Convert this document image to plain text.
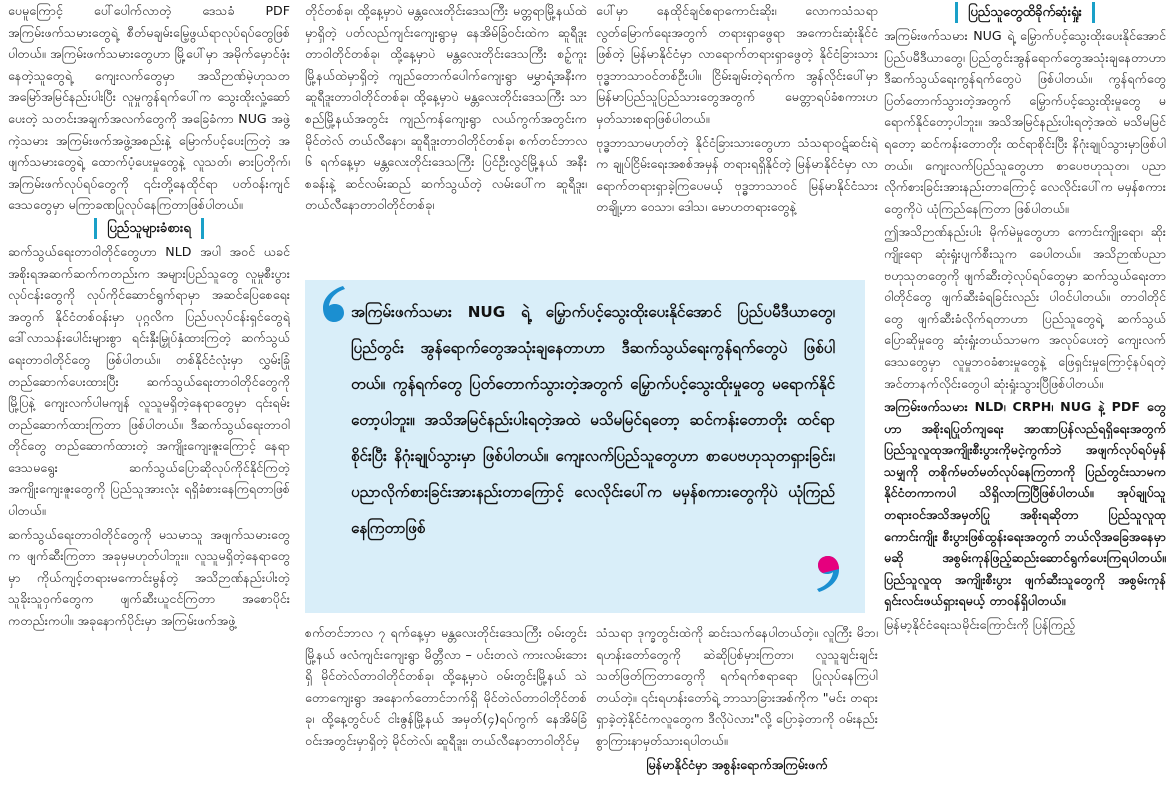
ပေမူကြောင့် ပေါ်ပေါက်လာတဲ့ ဒေသခံ PDF အကြမ်းဖက်သမားတွေရဲ့ စီတ်မချမ်းမြေ့ဖွယ်ရာလုပ်ရပ်တွေဖြစ်ပါတယ်။ အကြမ်းဖက်သမားတွေဟာ မြို့ပေါ်မှာ အမိုက်မှောင်ဖုံးနေတဲ့သူတွေရဲ့ ကျေးလက်တွေမှာ အသိဉာဏ်မဲ့ဟုသတ အမြော်အမြင်နည်းပါးပြီး လူမှုကွန်ရက်ပေါ်က သွေးထိုးလှုံ့ဆော်ပေးတဲ့ သတင်းအချက်အလက်တွေကို အခြေခံကာ NUG အဖွဲ့ကဲ့သမား အကြမ်းဖက်အဖွဲ့အစည်းနဲ့ မြောက်ပင့်ပေးကြတဲ့ အဖျက်သမားတွေရဲ့ ထောက်ပံ့ပေးမှုတွေနဲ့ လူသတ်၊ ဓားပြတိုက်၊ အကြမ်းဖက်လုပ်ရပ်တွေကို ၎င်းတို့နေထိုင်ရာ ပတ်ဝန်းကျင်ဒေသတွေမှာ မကြာခဏပြုလုပ်နေကြတာဖြစ်ပါတယ်။

ပြည်သူများခံစားရ

ဆက်သွယ်ရေးတာဝါတိုင်တွေဟာ NLD အပါ အဝင် ယခင်အစိုးရအဆက်ဆက်ကတည်းက အများပြည်သူတွေ လူမှုစီးပွားလုပ်ငန်းတွေကို လုပ်ကိုင်ဆောင်ရွက်ရာမှာ အဆင်ပြေစေရေးအတွက် နိုင်ငံတစ်ဝန်းမှာ ပုဂ္ဂလိက ပြည်ပလုပ်ငန်းရှင်တွေရဲ့ ဒေါ်လာသန်းပေါင်းများစွာ ရင်းနှီးမြှုပ်နှံထားကြတဲ့ ဆက်သွယ်ရေးတာဝါတိုင်တွေ ဖြစ်ပါတယ်။ တစ်နိုင်ငံလုံးမှာ လွှမ်းခြုံတည်ဆောက်ပေးထားပြီး ဆက်သွယ်ရေးတာဝါတိုင်တွေကို မြို့ပြနဲ့ ကျေးလက်ပါမကျန် လူသူမရှိတဲ့နေရာတွေမှာ ၎င်းရမ်းတည်ဆောက်ထားကြတာ ဖြစ်ပါတယ်။ ဒီဆက်သွယ်ရေးတာဝါတိုင်တွေ တည်ဆောက်ထားတဲ့ အကျိုးကျေးဇူးကြောင့် နေရာဒေသမရွေး ဆက်သွယ်ပြောဆိုလုပ်ကိုင်နိုင်ကြတဲ့ အကျိုးကျေးဇူးတွေကို ပြည်သူအားလုံး ရရှိခံစားနေကြရတာဖြစ်ပါတယ်။

ဆက်သွယ်ရေးတာဝါတိုင်တွေကို မသမာသူ အဖျက်သမားတွေက ဖျက်ဆီးကြတာ အခုမှမဟုတ်ပါဘူး။ လူသူမရှိတဲ့နေရာတွေမှာ ကိုယ်ကျင့်တရားမကောင်းမွန်တဲ့ အသိဉာဏ်နည်းပါးတဲ့ သူခိုးသူဝှက်တွေက ဖျက်ဆီးယူငင်ကြတာ အစောပိုင်းကတည်းကပါ။ အခုနောက်ပိုင်းမှာ အကြမ်းဖက်အဖွဲ့

တိုင်တစ်ခု၊ ထို့နေ့မှာပဲ မန္တလေးတိုင်းဒေသကြီး မတ္တရာမြို့နယ်ထဲမှာရှိတဲ့ ပတ်လည်ကျင်းကျေးရွာမှ နေအိမ်ခြံဝင်းထဲက ဆူရီဒူးတာဝါတိုင်တစ်ခု၊ ထို့နေ့မှာပဲ မန္တလေးတိုင်းဒေသကြီး စဉ့်ကူးမြို့နယ်ထဲမှာရှိတဲ့ ကျည်တောက်ပေါက်ကျေးရွာ မမွှာရံ့အနီးက ဆူရီဒူးတာဝါတိုင်တစ်ခု၊ ထို့နေ့မှာပဲ မန္တလေးတိုင်းဒေသကြီး သာစည်မြို့နယ်အတွင်း ကျည်ကန်ကျေးရွာ လယ်ကွက်အတွင်းက မိုင်တဲလ် တယ်လီနော၊ ဆူရီဒူးတာဝါတိုင်တစ်ခု၊ စက်တင်ဘာလ ၆ ရက်နေ့မှာ မန္တလေးတိုင်းဒေသကြီး ပြင်ဦးလွင်မြို့နယ် အနီးစခန်းနဲ့ ဆင်လမ်းဆည် ဆက်သွယ်တဲ့ လမ်းပေါ်က ဆူရီဒူး၊ တယ်လီနောတာဝါတိုင်တစ်ခု၊

ပေါ်မှာ နေထိုင်ချင်စရာကောင်းဆိုး၊ လောကသံသရာလွတ်မြောက်ရေးအတွက် တရားရှာဖွေရာ အကောင်းဆုံးနိုင်ငံဖြစ်တဲ့ မြန်မာနိုင်ငံမှာ လာရောက်တရားရှာဖွေတဲ့ နိုင်ငံခြားသား ဗုဒ္ဓဘာသာဝင်တစ်ဦးပါ။ ငြိမ်းချမ်းတဲ့ရက်က အွန်လိုင်းပေါ်မှာ မြန်မာပြည်သူပြည်သားတွေအတွက် မေတ္တာရပ်ခံစကားပာ မှတ်သားစရာဖြစ်ပါတယ်။

ဗုဒ္ဓဘာသာမဟုတ်တဲ့ နိုင်ငံခြားသားတွေဟာ သံသရာဝဋ်ဆင်းရဲက ချုပ်ငြိမ်းရေးအစစ်အမှန် တရားရရှိနိုင်တဲ့ မြန်မာနိုင်ငံမှာ လာရောက်တရားရှာခဲ့ကြပေမယ့် ဗုဒ္ဓဘာသာဝင် မြန်မာနိုင်ငံသားတချို့ဟာ ဝေသာ၊ ဒေါသ၊ မောဟတရားတွေနဲ့

ပြည်သူတွေထိခိုက်ဆုံးရှုံး

အကြမ်းဖက်သမား NUG ရဲ့ မြှောက်ပင့်သွေးထိုးပေးနိုင်အောင် ပြည်ပမီဒီယာတွေ၊ ပြည်တွင်းအွန်ရောက်တွေအသုံးချနေတာဟာ ဒီဆက်သွယ်ရေးကွန်ရက်တွေပဲ ဖြစ်ပါတယ်။ ကွန်ရက်တွေ ပြတ်တောက်သွားတဲ့အတွက် မြှောက်ပင့်သွေးထိုးမှုတွေ မရောက်နိုင်တော့ပါဘူး။ အသိအမြင်နည်းပါးရတဲ့အထဲ မသိမမြင်ရတော့ ဆင်ကန်းတောတိုး ထင်ရာစိုင်းပြီး နိဂုံးချုပ်သွားမှာဖြစ်ပါတယ်။ ကျေးလက်ပြည်သူတွေဟာ စာပေဗဟုသုတ၊ ပညာလိုက်စားခြင်းအားနည်းတာကြောင့် လေလိုင်းပေါ်က မမှန်စကားတွေကိုပဲ ယုံကြည်နေကြတာ ဖြစ်ပါတယ်။

ဤအသိဉာဏ်နည်းပါး မိုက်မဲမှုတွေဟာ ကောင်းကျိုးရော၊ ဆိုးကျိုးရော ဆုံးရှုံးပျက်စီးသူက ခေပါတယ်။ အသိဉာဏ်ပညာဗဟုသုတတွေကို ဖျက်ဆီးတဲ့လုပ်ရပ်တွေမှာ ဆက်သွယ်ရေးတာဝါတိုင်တွေ ဖျက်ဆီးခံရခြင်းလည်း ပါဝင်ပါတယ်။ တာဝါတိုင်တွေ ဖျက်ဆီးခံလိုက်ရတာဟာ ပြည်သူတွေရဲ့ ဆက်သွယ်ပြောဆိုမှုတွေ ဆုံးရှုံးတယ်သာမက အလုပ်ပေးတဲ့ ကျေးလက်ဒေသတွေမှာ လူမှုဘဝခံစားမှုတွေနဲ့ ဖြေရှင်းမှုကြောင့်နပ်ရတဲ့ အင်တာနက်လိုင်းတွေပါ ဆုံးရှုံးသွားပြီဖြစ်ပါတယ်။

အကြမ်းဖက်သမား NLD၊ CRPH၊ NUG နဲ့ PDF တွေဟာ အစိုးရပြုတ်ကျရေး အာဏာပြန်လည်ရရှိရေးအတွက် ပြည်သူလူထုအကျိုးစီးပွားကိုမငဲ့ကွက်ဘဲ အဖျက်လုပ်ရပ်မှန်သမျှကို တစိုက်မတ်မတ်လုပ်နေကြတာကို ပြည်တွင်းသာမက နိုင်ငံတကာကပါ သိရှိလာကြပြီဖြစ်ပါတယ်။ အုပ်ချုပ်သူတရားဝင်အသိအမှတ်ပြု အစိုးရဆိုတာ ပြည်သူလူထုကောင်းကျိုး စီးပွားဖြစ်ထွန်းရေးအတွက် ဘယ်လိုအခြေအနေမှာမဆို အစွမ်းကုန်ဖြည့်ဆည်းဆောင်ရွက်ပေးကြရပါတယ်။ ပြည်သူလူထု အကျိုးစီးပွား ဖျက်ဆီးသူတွေကို အစွမ်းကုန်ရှင်းလင်းဖယ်ရှားရမယ့် တာဝန်ရှိပါတယ်။

မြန်မာ့နိုင်ငံရေးသမိုင်းကြောင်းကို ပြန်ကြည့်

အကြမ်းဖက်သမား NUG ရဲ့ မြှောက်ပင့်သွေးထိုးပေးနိုင်အောင် ပြည်ပမီဒီယာတွေ၊ ပြည်တွင်း အွန်ရောက်တွေအသုံးချနေတာဟာ ဒီဆက်သွယ်ရေးကွန်ရက်တွေပဲ ဖြစ်ပါတယ်။ ကွန်ရက်တွေ ပြတ်တောက်သွားတဲ့အတွက် မြှောက်ပင့်သွေးထိုးမှုတွေ မရောက်နိုင်တော့ပါဘူး။ အသိအမြင်နည်းပါးရတဲ့အထဲ မသိမမြင်ရတော့ ဆင်ကန်းတောတိုး ထင်ရာစိုင်းပြီး နိဂုံးချုပ်သွားမှာ ဖြစ်ပါတယ်။ ကျေးလက်ပြည်သူတွေဟာ စာပေဗဟုသုတရှားခြင်း၊ ပညာလိုက်စားခြင်းအားနည်းတာကြောင့် လေလိုင်းပေါ်က မမှန်စကားတွေကိုပဲ ယုံကြည်နေကြတာဖြစ်

စက်တင်ဘာလ ၇ ရက်နေ့မှာ မန္တလေးတိုင်းဒေသကြီး ဝမ်းတွင်းမြို့နယ် ဖလံကျင်းကျေးရွာ မိတ္တီလာ – ပင်းတလဲ ကားလမ်းဘေးရှိ မိုင်တဲလ်တာဝါတိုင်တစ်ခု၊ ထို့နေ့မှာပဲ ဝမ်းတွင်းမြို့နယ် သဲတောကျေးရွာ အနောက်တောင်ဘက်ရှိ မိုင်တဲလ်တာဝါတိုင်တစ်ခု၊ ထို့နေ့တွင်ပင် ငါးဇွန်မြို့နယ် အမှတ်(၄)ရပ်ကွက် နေအိမ်ခြံဝင်းအတွင်းမှာရှိတဲ့ မိုင်တဲလ်၊ ဆူရီဒူး၊ တယ်လီနောတာဝါတိုင်မှ

သံသရာ ဒုက္ခတွင်းထဲကို ဆင်းသက်နေပါတယ်တဲ့။ လူကြီး မိဘ၊ ရဟန်းတော်တွေကို ဆဲဆိုပြစ်မှားကြတာ၊ လူသူချင်းချင်း သတ်ဖြတ်ကြတာတွေကို ရက်ရက်စရာရော ပြုလုပ်နေကြပါတယ်တဲ့။ ၎င်းရဟန်းတော်ရဲ့ ဘာသာခြားအစ်ကိုက "မင်း တရားရှာခဲ့တဲ့နိုင်ငံကလူတွေက ဒီလိုပဲလား"လို့ ပြောခဲ့တာကို ဝမ်းနည်းစွာကြားနာမှတ်သားရပါတယ်။

မြန်မာနိုင်ငံမှာ အစွန်းရောက်အကြမ်းဖက်
